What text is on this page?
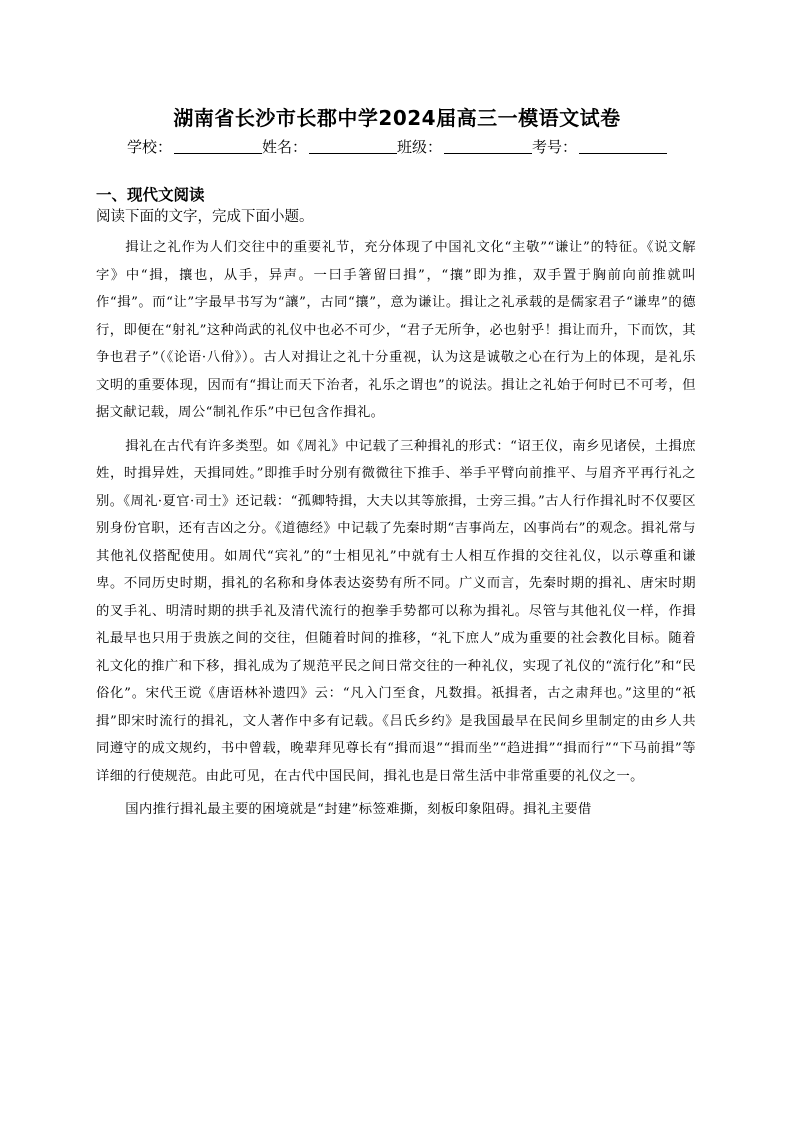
湖南省长沙市长郡中学2024届高三一模语文试卷
学校：	姓名：	班级：	考号：
一、现代文阅读
阅读下面的文字，完成下面小题。

揖让之礼作为人们交往中的重要礼节，充分体现了中国礼文化“主敬”“谦让”的特征。《说文解字》中“揖，攘也，从手，异声。一曰手箸留曰揖”，“攘”即为推，双手置于胸前向前推就叫作“揖”。而“让”字最早书写为“讓”，古同“攘”，意为谦让。揖让之礼承载的是儒家君子“谦卑”的德行，即便在“射礼”这种尚武的礼仪中也必不可少，“君子无所争，必也射乎！揖让而升，下而饮，其争也君子”（《论语·八佾》）。古人对揖让之礼十分重视，认为这是诚敬之心在行为上的体现，是礼乐文明的重要体现，因而有“揖让而天下治者，礼乐之谓也”的说法。揖让之礼始于何时已不可考，但据文献记载，周公“制礼作乐”中已包含作揖礼。

揖礼在古代有许多类型。如《周礼》中记载了三种揖礼的形式：“诏王仪，南乡见诸侯，土揖庶姓，时揖异姓，天揖同姓。”即推手时分别有微微往下推手、举手平臂向前推平、与眉齐平再行礼之别。《周礼·夏官·司士》还记载：“孤卿特揖，大夫以其等旅揖，士旁三揖。”古人行作揖礼时不仅要区别身份官职，还有吉凶之分。《道德经》中记载了先秦时期“吉事尚左，凶事尚右”的观念。揖礼常与其他礼仪搭配使用。如周代“宾礼”的“士相见礼”中就有士人相互作揖的交往礼仪，以示尊重和谦卑。不同历史时期，揖礼的名称和身体表达姿势有所不同。广义而言，先秦时期的揖礼、唐宋时期的叉手礼、明清时期的拱手礼及清代流行的抱拳手势都可以称为揖礼。尽管与其他礼仪一样，作揖礼最早也只用于贵族之间的交往，但随着时间的推移，“礼下庶人”成为重要的社会教化目标。随着礼文化的推广和下移，揖礼成为了规范平民之间日常交往的一种礼仪，实现了礼仪的“流行化”和“民俗化”。宋代王谠《唐语林补遗四》云：“凡入门至食，凡数揖。祇揖者，古之肃拜也。”这里的“祇揖”即宋时流行的揖礼，文人著作中多有记载。《吕氏乡约》是我国最早在民间乡里制定的由乡人共同遵守的成文规约，书中曾载，晚辈拜见尊长有“揖而退”“揖而坐”“趋进揖”“揖而行”“下马前揖”等详细的行使规范。由此可见，在古代中国民间，揖礼也是日常生活中非常重要的礼仪之一。

国内推行揖礼最主要的困境就是“封建”标签难撕，刻板印象阻碍。揖礼主要借
